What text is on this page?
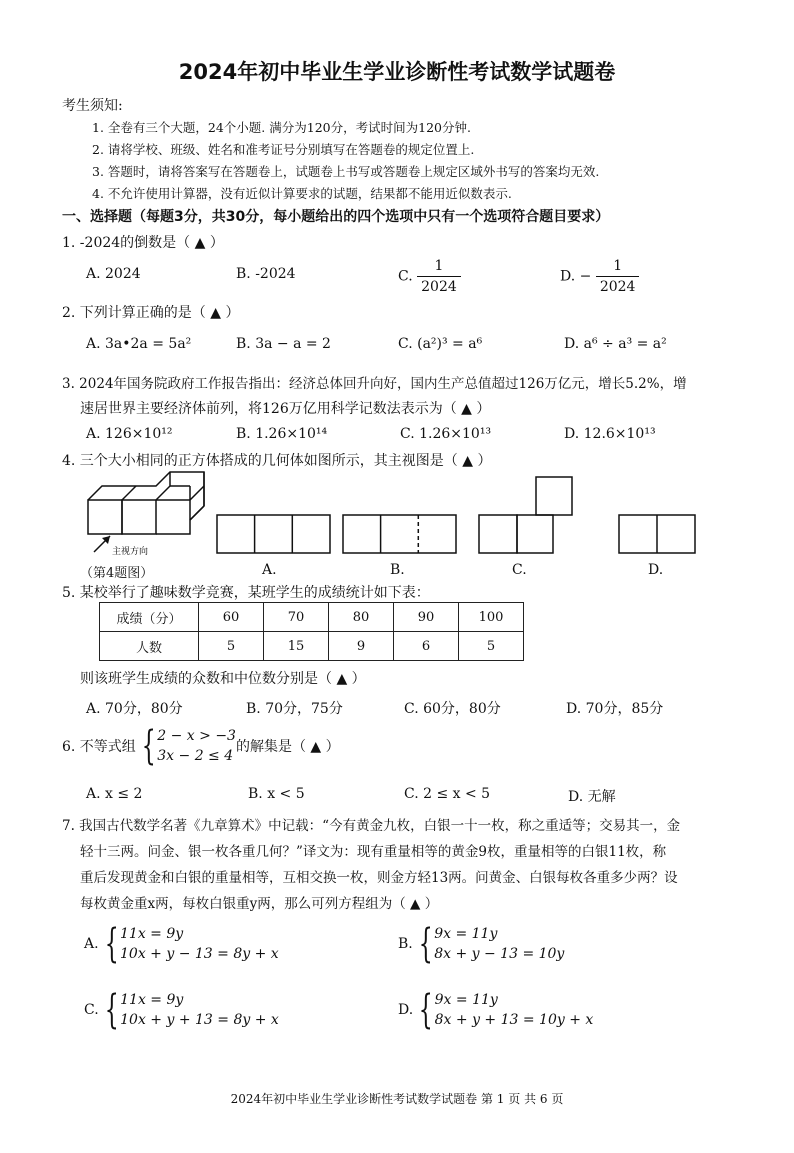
2024年初中毕业生学业诊断性考试数学试题卷
考生须知:
1. 全卷有三个大题，24个小题. 满分为120分，考试时间为120分钟.
2. 请将学校、班级、姓名和准考证号分别填写在答题卷的规定位置上.
3. 答题时，请将答案写在答题卷上，试题卷上书写或答题卷上规定区域外书写的答案均无效.
4. 不允许使用计算器，没有近似计算要求的试题，结果都不能用近似数表示.
一、选择题（每题3分，共30分，每小题给出的四个选项中只有一个选项符合题目要求）
1. -2024的倒数是（ ▲ ）
A. 2024	B. -2024	C. $\frac{1}{2024}$	D. − $\frac{1}{2024}$
2. 下列计算正确的是（ ▲ ）
A. 3a•2a = 5a²	B. 3a − a = 2	C. (a²)³ = a⁶	D. a⁶ ÷ a³ = a²
3. 2024年国务院政府工作报告指出：经济总体回升向好，国内生产总值超过126万亿元，增长5.2%，增
速居世界主要经济体前列，将126万亿用科学记数法表示为（ ▲ ）
A. 126×10¹²	B. 1.26×10¹⁴	C. 1.26×10¹³	D. 12.6×10¹³
4. 三个大小相同的正方体搭成的几何体如图所示，其主视图是（ ▲ ）
主视方向
（第4题图）	A.	B.	C.	D.
5. 某校举行了趣味数学竞赛，某班学生的成绩统计如下表：
成绩（分）	60	70	80	90	100
人数	5	15	9	6	5
则该班学生成绩的众数和中位数分别是（ ▲ ）
A. 70分，80分	B. 70分，75分	C. 60分，80分	D. 70分，85分
6. 不等式组 { 2 − x > −3
3x − 2 ≤ 4
的解集是（ ▲ ）
A. x ≤ 2	B. x < 5	C. 2 ≤ x < 5	D. 无解
7. 我国古代数学名著《九章算术》中记载：“今有黄金九枚，白银一十一枚，称之重适等；交易其一，金
轻十三两。问金、银一枚各重几何？”译文为：现有重量相等的黄金9枚，重量相等的白银11枚，称
重后发现黄金和白银的重量相等，互相交换一枚，则金方轻13两。问黄金、白银每枚各重多少两？设
每枚黄金重x两，每枚白银重y两，那么可列方程组为（ ▲ ）
A. { 11x = 9y
10x + y − 13 = 8y + x
B. { 9x = 11y
8x + y − 13 = 10y
C. { 11x = 9y
10x + y + 13 = 8y + x
D. { 9x = 11y
8x + y + 13 = 10y + x
2024年初中毕业生学业诊断性考试数学试题卷 第 1 页 共 6 页
